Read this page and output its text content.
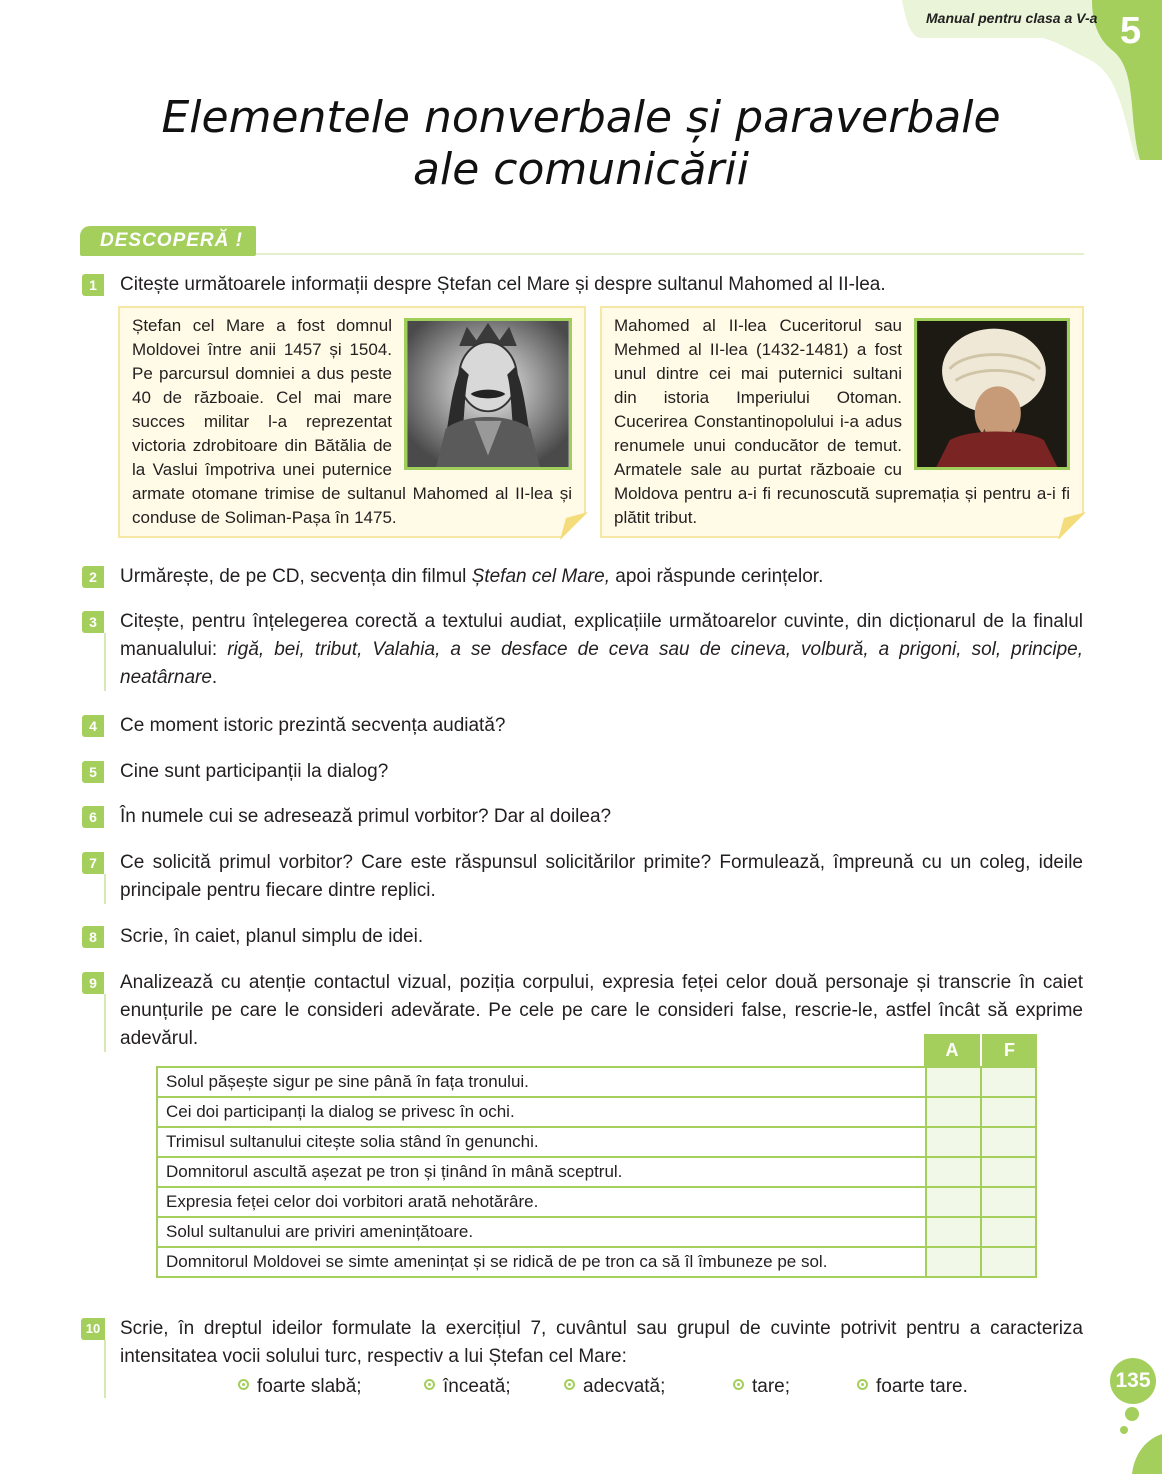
Manual pentru clasa a V-a 5
Elementele nonverbale și paraverbale
ale comunicării
DESCOPERĂ !
1	Citește următoarele informații despre Ștefan cel Mare și despre sultanul Mahomed al II-lea.
Ștefan cel Mare a fost domnul Moldovei între anii 1457 și 1504. Pe parcursul domniei a dus peste 40 de războaie. Cel mai mare succes militar l-a reprezentat victoria zdrobitoare din Bătălia de la Vaslui împotriva unei puternice armate otomane trimise de sultanul Mahomed al II-lea și conduse de Soliman-Pașa în 1475.
Mahomed al II-lea Cuceritorul sau Mehmed al II-lea (1432-1481) a fost unul dintre cei mai puternici sultani din istoria Imperiului Otoman. Cucerirea Constantinopolului i-a adus renumele unui conducător de temut. Armatele sale au purtat războaie cu Moldova pentru a-i fi recunoscută supremația și pentru a-i fi plătit tribut.
2	Urmărește, de pe CD, secvența din filmul Ștefan cel Mare, apoi răspunde cerințelor.
3	Citește, pentru înțelegerea corectă a textului audiat, explicațiile următoarelor cuvinte, din dicționarul de la finalul manualului: rigă, bei, tribut, Valahia, a se desface de ceva sau de cineva, volbură, a prigoni, sol, principe, neatârnare.
4	Ce moment istoric prezintă secvența audiată?
5	Cine sunt participanții la dialog?
6	În numele cui se adresează primul vorbitor? Dar al doilea?
7	Ce solicită primul vorbitor? Care este răspunsul solicitărilor primite? Formulează, împreună cu un coleg, ideile principale pentru fiecare dintre replici.
8	Scrie, în caiet, planul simplu de idei.
9	Analizează cu atenție contactul vizual, poziția corpului, expresia feței celor două personaje și transcrie în caiet enunțurile pe care le consideri adevărate. Pe cele pe care le consideri false, rescrie-le, astfel încât să exprime adevărul.
A	F
Solul pășește sigur pe sine până în fața tronului.		
Cei doi participanți la dialog se privesc în ochi.		
Trimisul sultanului citește solia stând în genunchi.		
Domnitorul ascultă așezat pe tron și ținând în mână sceptrul.		
Expresia feței celor doi vorbitori arată nehotărâre.		
Solul sultanului are priviri amenințătoare.		
Domnitorul Moldovei se simte amenințat și se ridică de pe tron ca să îl îmbuneze pe sol.		
10 Scrie, în dreptul ideilor formulate la exercițiul 7, cuvântul sau grupul de cuvinte potrivit pentru a caracteriza intensitatea vocii solului turc, respectiv a lui Ștefan cel Mare:
foarte slabă;	înceată;	adecvată;	tare;	foarte tare.	135
